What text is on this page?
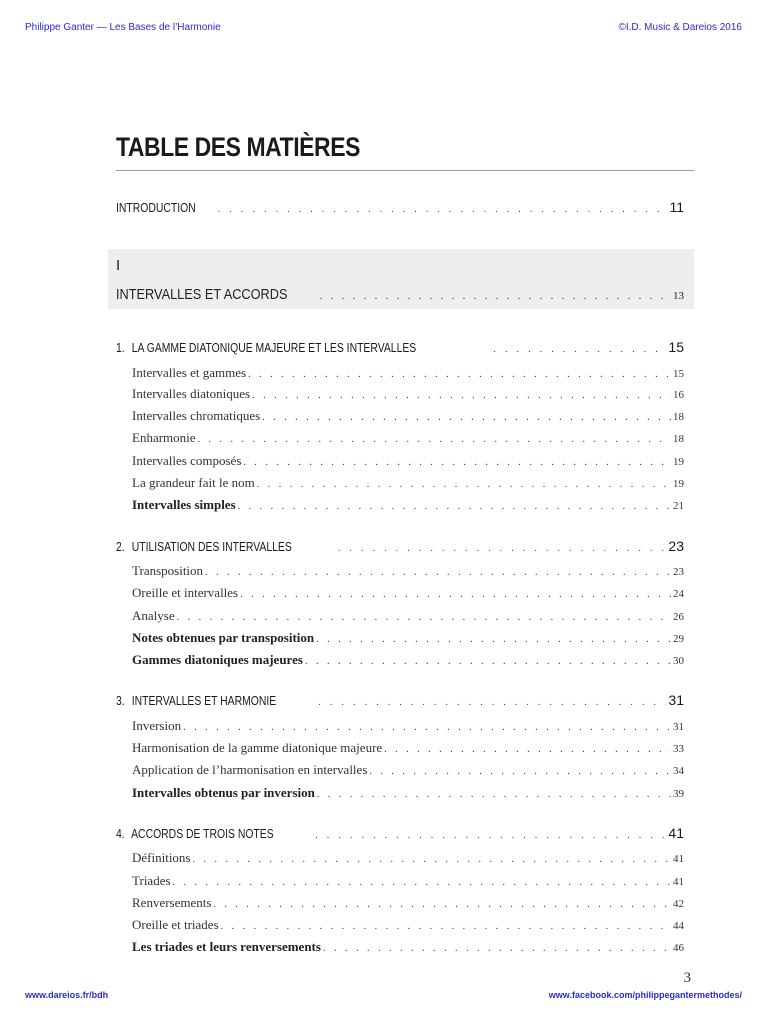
Philippe Ganter — Les Bases de l’Harmonie	©I.D. Music & Dareios 2016
TABLE DES MATIÈRES
INTRODUCTION . . .	11
I
INTERVALLES ET ACCORDS . . .	13
1. LA GAMME DIATONIQUE MAJEURE ET LES INTERVALLES . . .	15
Intervalles et gammes . . .	15
Intervalles diatoniques . . .	16
Intervalles chromatiques . . .	18
Enharmonie . . .	18
Intervalles composés . . .	19
La grandeur fait le nom . . .	19
Intervalles simples . . .	21
2. UTILISATION DES INTERVALLES . . .	23
Transposition . . .	23
Oreille et intervalles . . .	24
Analyse . . .	26
Notes obtenues par transposition . . .	29
Gammes diatoniques majeures . . .	30
3. INTERVALLES ET HARMONIE . . .	31
Inversion . . .	31
Harmonisation de la gamme diatonique majeure . . .	33
Application de l’harmonisation en intervalles . . .	34
Intervalles obtenus par inversion . . .	39
4. ACCORDS DE TROIS NOTES . . .	41
Définitions . . .	41
Triades . . .	41
Renversements . . .	42
Oreille et triades . . .	44
Les triades et leurs renversements . . .	46
3
www.dareios.fr/bdh	www.facebook.com/philippegantermethodes/
